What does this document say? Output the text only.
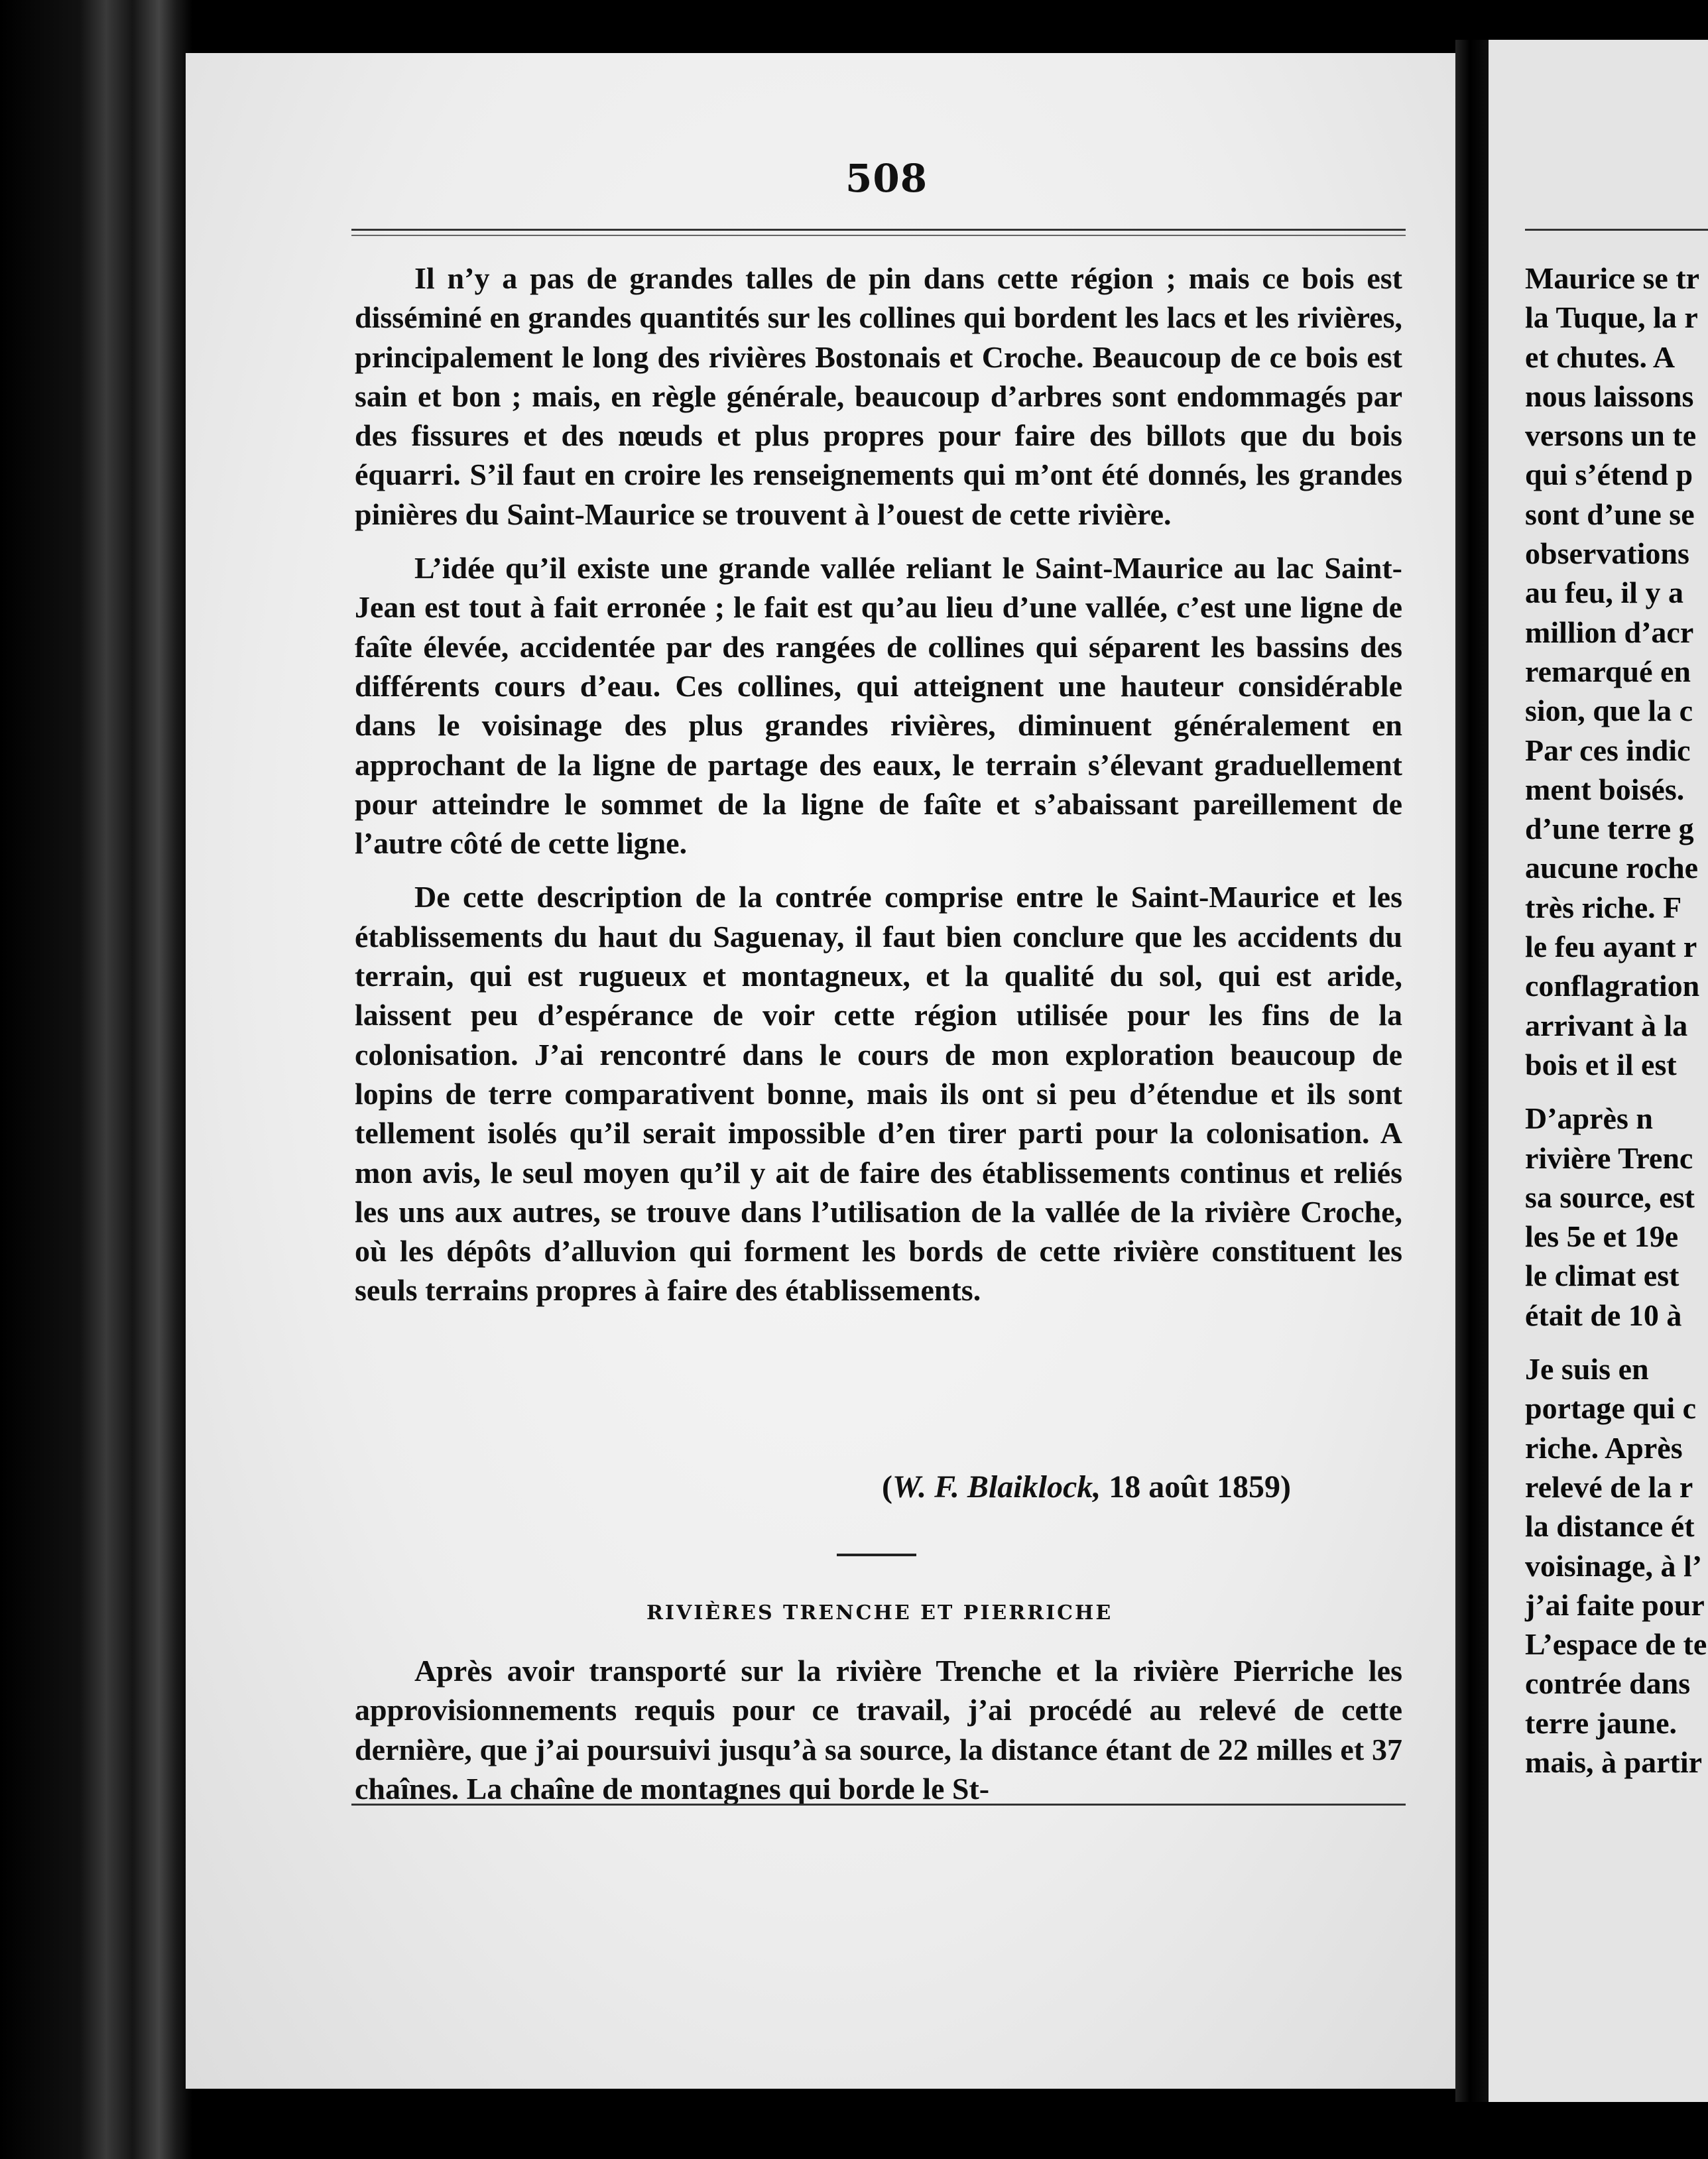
508

Il n’y a pas de grandes talles de pin dans cette région ; mais ce bois est disséminé en grandes quantités sur les collines qui bordent les lacs et les rivières, principalement le long des rivières Bostonais et Croche. Beaucoup de ce bois est sain et bon ; mais, en règle générale, beaucoup d’arbres sont endommagés par des fissures et des nœuds et plus propres pour faire des billots que du bois équarri. S’il faut en croire les renseignements qui m’ont été donnés, les grandes pinières du Saint-Maurice se trouvent à l’ouest de cette rivière.

L’idée qu’il existe une grande vallée reliant le Saint-Maurice au lac Saint-Jean est tout à fait erronée ; le fait est qu’au lieu d’une vallée, c’est une ligne de faîte élevée, accidentée par des rangées de collines qui séparent les bassins des différents cours d’eau. Ces collines, qui atteignent une hauteur considérable dans le voisinage des plus grandes rivières, diminuent généralement en approchant de la ligne de partage des eaux, le terrain s’élevant graduellement pour atteindre le sommet de la ligne de faîte et s’abaissant pareillement de l’autre côté de cette ligne.

De cette description de la contrée comprise entre le Saint-Maurice et les établissements du haut du Saguenay, il faut bien conclure que les accidents du terrain, qui est rugueux et montagneux, et la qualité du sol, qui est aride, laissent peu d’espérance de voir cette région utilisée pour les fins de la colonisation. J’ai rencontré dans le cours de mon exploration beaucoup de lopins de terre comparativent bonne, mais ils ont si peu d’étendue et ils sont tellement isolés qu’il serait impossible d’en tirer parti pour la colonisation. A mon avis, le seul moyen qu’il y ait de faire des établissements continus et reliés les uns aux autres, se trouve dans l’utilisation de la vallée de la rivière Croche, où les dépôts d’alluvion qui forment les bords de cette rivière constituent les seuls terrains propres à faire des établissements.

(W. F. Blaiklock, 18 août 1859)
RIVIÈRES TRENCHE ET PIERRICHE

Après avoir transporté sur la rivière Trenche et la rivière Pierriche les approvisionnements requis pour ce travail, j’ai procédé au relevé de cette dernière, que j’ai poursuivi jusqu’à sa source, la distance étant de 22 milles et 37 chaînes. La chaîne de montagnes qui borde le St-

Maurice se tr
la Tuque, la r
et chutes. A
nous laissons
versons un te
qui s’étend p
sont d’une se
observations
au feu, il y a
million d’acr
remarqué en
sion, que la c
Par ces indic
ment boisés.
d’une terre g
aucune roche
très riche. F
le feu ayant r
conflagration
arrivant à la
bois et il est
D’après n
rivière Trenc
sa source, est
les 5e et 19e
le climat est
était de 10 à
Je suis en
portage qui c
riche. Après
relevé de la r
la distance ét
voisinage, à l’
j’ai faite pour
L’espace de te
contrée dans
terre jaune.
mais, à partir
